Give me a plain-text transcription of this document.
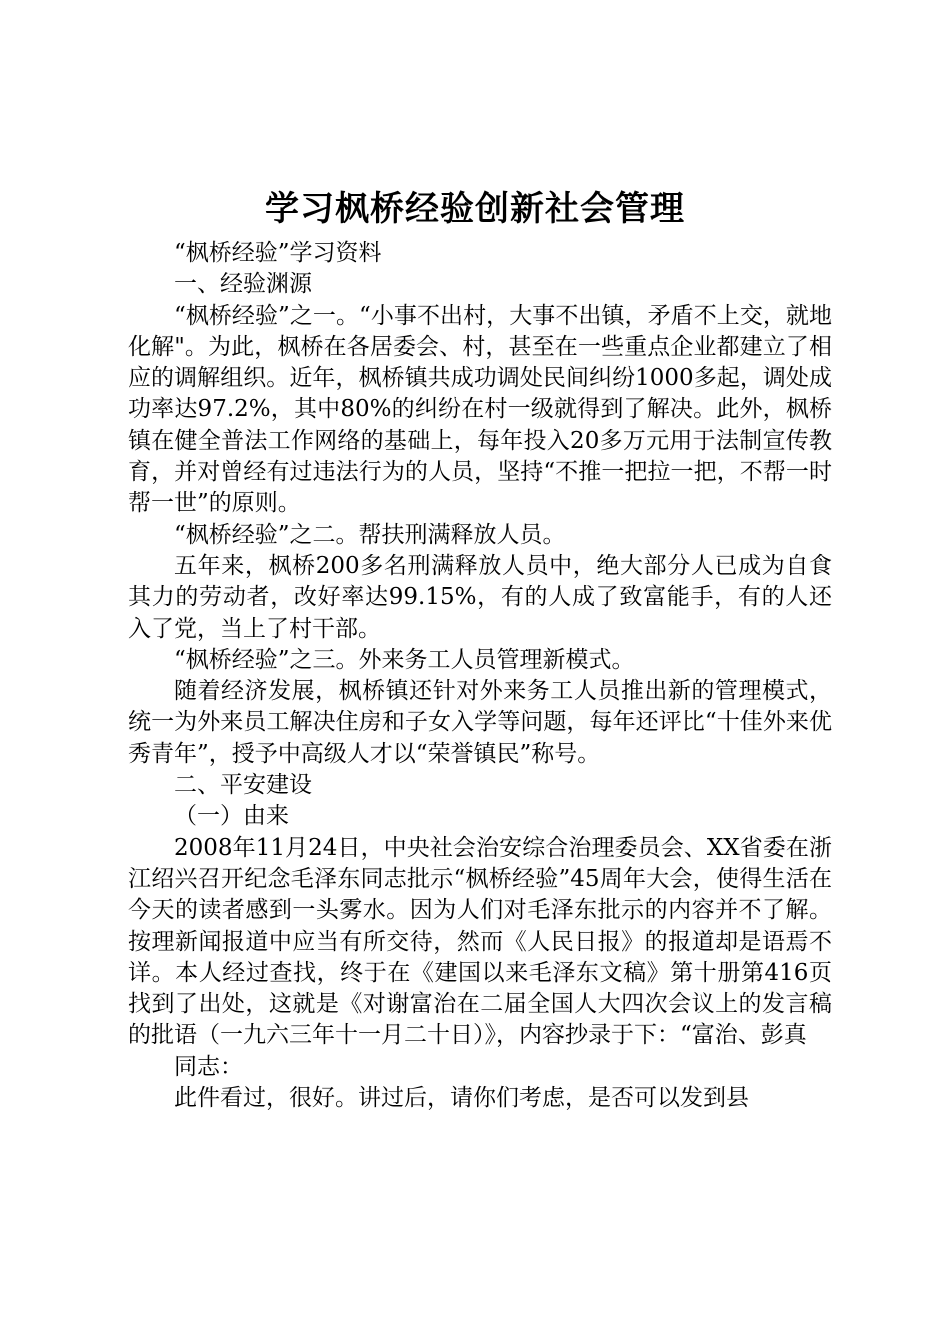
学习枫桥经验创新社会管理

“枫桥经验”学习资料

一、经验渊源

“枫桥经验”之一。“小事不出村，大事不出镇，矛盾不上交，就地化解"。为此，枫桥在各居委会、村，甚至在一些重点企业都建立了相应的调解组织。近年，枫桥镇共成功调处民间纠纷1000多起，调处成功率达97.2%，其中80%的纠纷在村一级就得到了解决。此外，枫桥镇在健全普法工作网络的基础上，每年投入20多万元用于法制宣传教育，并对曾经有过违法行为的人员，坚持“不推一把拉一把，不帮一时帮一世”的原则。

“枫桥经验”之二。帮扶刑满释放人员。

五年来，枫桥200多名刑满释放人员中，绝大部分人已成为自食其力的劳动者，改好率达99.15%，有的人成了致富能手，有的人还入了党，当上了村干部。

“枫桥经验”之三。外来务工人员管理新模式。

随着经济发展，枫桥镇还针对外来务工人员推出新的管理模式，统一为外来员工解决住房和子女入学等问题，每年还评比“十佳外来优秀青年”，授予中高级人才以“荣誉镇民”称号。

二、平安建设

（一）由来

2008年11月24日，中央社会治安综合治理委员会、XX省委在浙江绍兴召开纪念毛泽东同志批示“枫桥经验”45周年大会，使得生活在今天的读者感到一头雾水。因为人们对毛泽东批示的内容并不了解。按理新闻报道中应当有所交待，然而《人民日报》的报道却是语焉不详。本人经过查找，终于在《建国以来毛泽东文稿》第十册第416页找到了出处，这就是《对谢富治在二届全国人大四次会议上的发言稿的批语（一九六三年十一月二十日）》，内容抄录于下：“富治、彭真

同志：

此件看过，很好。讲过后，请你们考虑，是否可以发到县
